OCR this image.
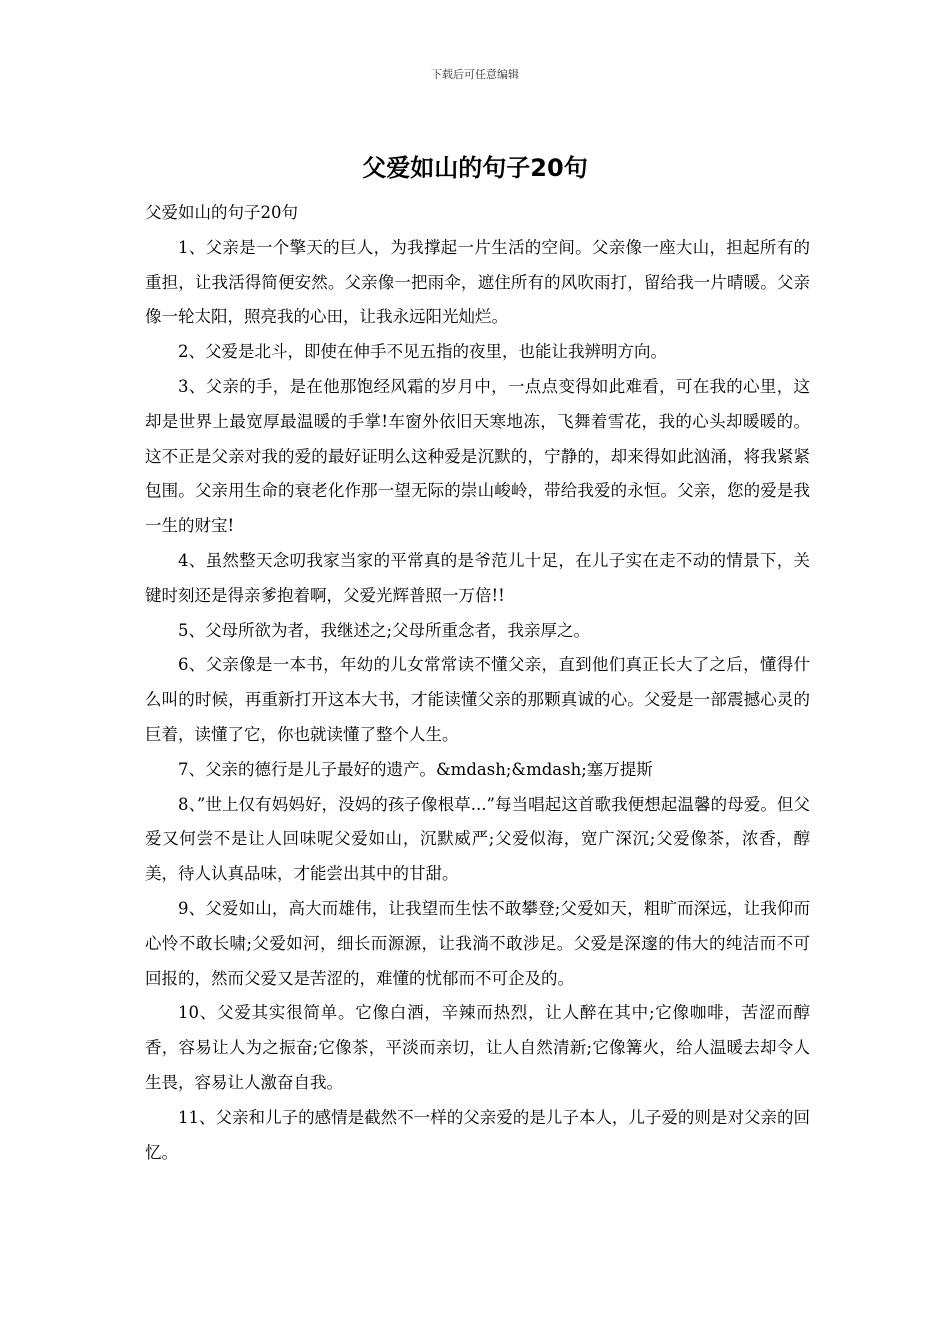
下载后可任意编辑
父爱如山的句子20句

父爱如山的句子20句

1、父亲是一个擎天的巨人，为我撑起一片生活的空间。父亲像一座大山，担起所有的重担，让我活得简便安然。父亲像一把雨伞，遮住所有的风吹雨打，留给我一片晴暖。父亲像一轮太阳，照亮我的心田，让我永远阳光灿烂。

2、父爱是北斗，即使在伸手不见五指的夜里，也能让我辨明方向。

3、父亲的手，是在他那饱经风霜的岁月中，一点点变得如此难看，可在我的心里，这却是世界上最宽厚最温暖的手掌!车窗外依旧天寒地冻，飞舞着雪花，我的心头却暖暖的。这不正是父亲对我的爱的最好证明么这种爱是沉默的，宁静的，却来得如此汹涌，将我紧紧包围。父亲用生命的衰老化作那一望无际的崇山峻岭，带给我爱的永恒。父亲，您的爱是我一生的财宝!

4、虽然整天念叨我家当家的平常真的是爷范儿十足，在儿子实在走不动的情景下，关键时刻还是得亲爹抱着啊，父爱光辉普照一万倍!!

5、父母所欲为者，我继述之;父母所重念者，我亲厚之。

6、父亲像是一本书，年幼的儿女常常读不懂父亲，直到他们真正长大了之后，懂得什么叫的时候，再重新打开这本大书，才能读懂父亲的那颗真诚的心。父爱是一部震撼心灵的巨着，读懂了它，你也就读懂了整个人生。

7、父亲的德行是儿子最好的遗产。&mdash;&mdash;塞万提斯

8、”世上仅有妈妈好，没妈的孩子像根草...”每当唱起这首歌我便想起温馨的母爱。但父爱又何尝不是让人回味呢父爱如山，沉默威严;父爱似海，宽广深沉;父爱像茶，浓香，醇美，待人认真品味，才能尝出其中的甘甜。

9、父爱如山，高大而雄伟，让我望而生怯不敢攀登;父爱如天，粗旷而深远，让我仰而心怜不敢长啸;父爱如河，细长而源源，让我淌不敢涉足。父爱是深邃的伟大的纯洁而不可回报的，然而父爱又是苦涩的，难懂的忧郁而不可企及的。

10、父爱其实很简单。它像白酒，辛辣而热烈，让人醉在其中;它像咖啡，苦涩而醇香，容易让人为之振奋;它像茶，平淡而亲切，让人自然清新;它像篝火，给人温暖去却令人生畏，容易让人激奋自我。

11、父亲和儿子的感情是截然不一样的父亲爱的是儿子本人，儿子爱的则是对父亲的回忆。
